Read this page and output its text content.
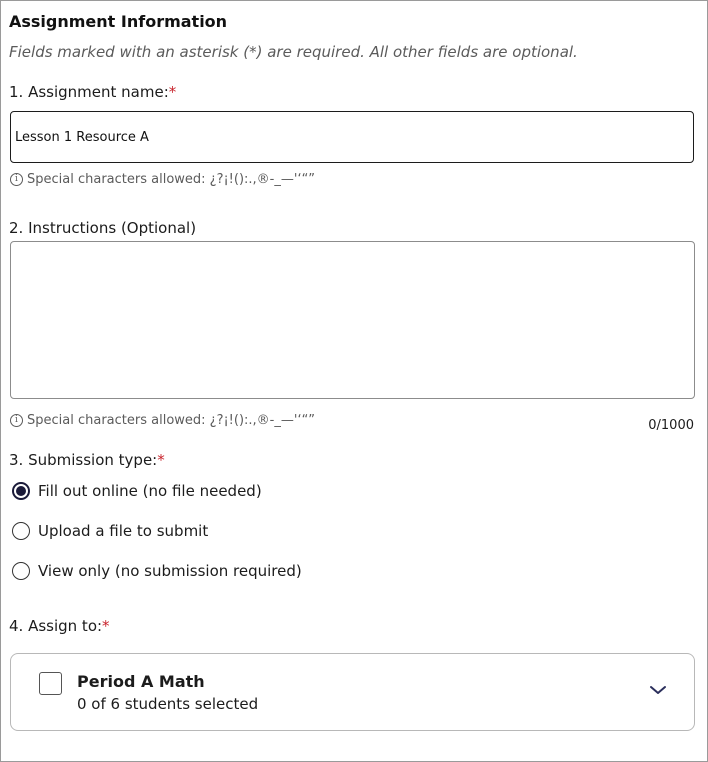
Assignment Information
Fields marked with an asterisk (*) are required. All other fields are optional.
1. Assignment name:*
Lesson 1 Resource A
i Special characters allowed: ¿?¡!():.,®-_—'‘“”
2. Instructions (Optional)
i Special characters allowed: ¿?¡!():.,®-_—'‘“”	0/1000
3. Submission type:*
Fill out online (no file needed)
Upload a file to submit
View only (no submission required)
4. Assign to:*
Period A Math
0 of 6 students selected
